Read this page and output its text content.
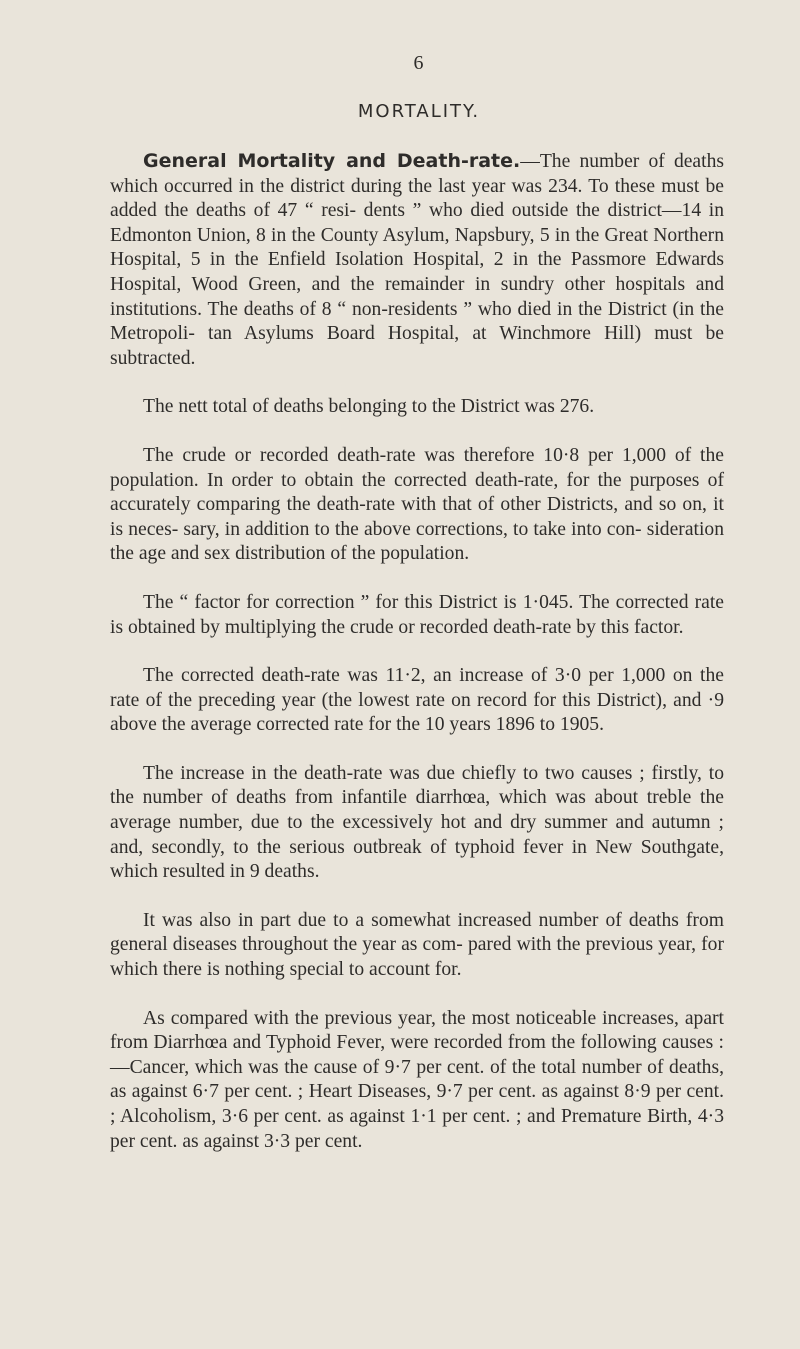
6
MORTALITY.

General Mortality and Death-rate.—The number of deaths which occurred in the district during the last year was 234. To these must be added the deaths of 47 “ resi- dents ” who died outside the district—14 in Edmonton Union, 8 in the County Asylum, Napsbury, 5 in the Great Northern Hospital, 5 in the Enfield Isolation Hospital, 2 in the Passmore Edwards Hospital, Wood Green, and the remainder in sundry other hospitals and institutions. The deaths of 8 “ non-residents ” who died in the District (in the Metropoli- tan Asylums Board Hospital, at Winchmore Hill) must be subtracted.

The nett total of deaths belonging to the District was 276.

The crude or recorded death-rate was therefore 10·8 per 1,000 of the population. In order to obtain the corrected death-rate, for the purposes of accurately comparing the death-rate with that of other Districts, and so on, it is neces- sary, in addition to the above corrections, to take into con- sideration the age and sex distribution of the population.

The “ factor for correction ” for this District is 1·045. The corrected rate is obtained by multiplying the crude or recorded death-rate by this factor.

The corrected death-rate was 11·2, an increase of 3·0 per 1,000 on the rate of the preceding year (the lowest rate on record for this District), and ·9 above the average corrected rate for the 10 years 1896 to 1905.

The increase in the death-rate was due chiefly to two causes ; firstly, to the number of deaths from infantile diarrhœa, which was about treble the average number, due to the excessively hot and dry summer and autumn ; and, secondly, to the serious outbreak of typhoid fever in New Southgate, which resulted in 9 deaths.

It was also in part due to a somewhat increased number of deaths from general diseases throughout the year as com- pared with the previous year, for which there is nothing special to account for.

As compared with the previous year, the most noticeable increases, apart from Diarrhœa and Typhoid Fever, were recorded from the following causes :—Cancer, which was the cause of 9·7 per cent. of the total number of deaths, as against 6·7 per cent. ; Heart Diseases, 9·7 per cent. as against 8·9 per cent. ; Alcoholism, 3·6 per cent. as against 1·1 per cent. ; and Premature Birth, 4·3 per cent. as against 3·3 per cent.
